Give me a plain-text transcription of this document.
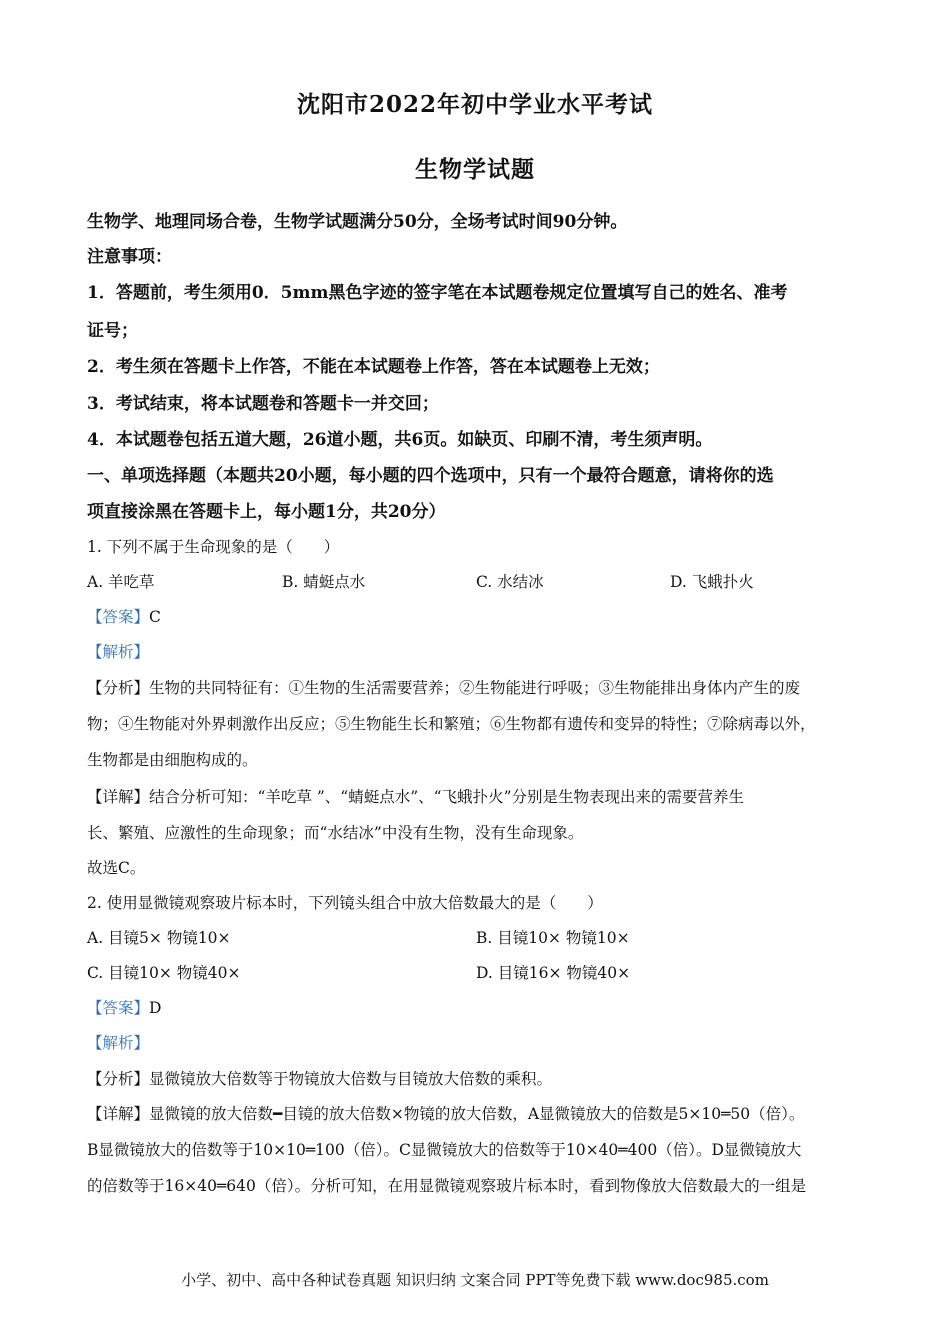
沈阳市2022年初中学业水平考试
生物学试题
生物学、地理同场合卷，生物学试题满分50分，全场考试时间90分钟。
注意事项：
1．答题前，考生须用0．5mm黑色字迹的签字笔在本试题卷规定位置填写自己的姓名、准考
证号；
2．考生须在答题卡上作答，不能在本试题卷上作答，答在本试题卷上无效；
3．考试结束，将本试题卷和答题卡一并交回；
4．本试题卷包括五道大题，26道小题，共6页。如缺页、印刷不清，考生须声明。
一、单项选择题（本题共20小题，每小题的四个选项中，只有一个最符合题意，请将你的选
项直接涂黑在答题卡上，每小题1分，共20分）
1. 下列不属于生命现象的是（　　）
A. 羊吃草	B. 蜻蜓点水	C. 水结冰	D. 飞蛾扑火
【答案】C
【解析】
【分析】生物的共同特征有：①生物的生活需要营养；②生物能进行呼吸；③生物能排出身体内产生的废
物；④生物能对外界刺激作出反应；⑤生物能生长和繁殖；⑥生物都有遗传和变异的特性；⑦除病毒以外，
生物都是由细胞构成的。
【详解】结合分析可知：“羊吃草 ”、“蜻蜓点水”、“飞蛾扑火”分别是生物表现出来的需要营养生
长、繁殖、应激性的生命现象；而“水结冰”中没有生物，没有生命现象。
故选C。
2. 使用显微镜观察玻片标本时，下列镜头组合中放大倍数最大的是（　　）
A. 目镜5× 物镜10×	B. 目镜10× 物镜10×
C. 目镜10× 物镜40×	D. 目镜16× 物镜40×
【答案】D
【解析】
【分析】显微镜放大倍数等于物镜放大倍数与目镜放大倍数的乘积。
【详解】显微镜的放大倍数━目镜的放大倍数×物镜的放大倍数，A显微镜放大的倍数是5×10═50（倍）。
B显微镜放大的倍数等于10×10═100（倍）。C显微镜放大的倍数等于10×40═400（倍）。D显微镜放大
的倍数等于16×40═640（倍）。分析可知，在用显微镜观察玻片标本时，看到物像放大倍数最大的一组是
小学、初中、高中各种试卷真题 知识归纳 文案合同 PPT等免费下载 www.doc985.com
